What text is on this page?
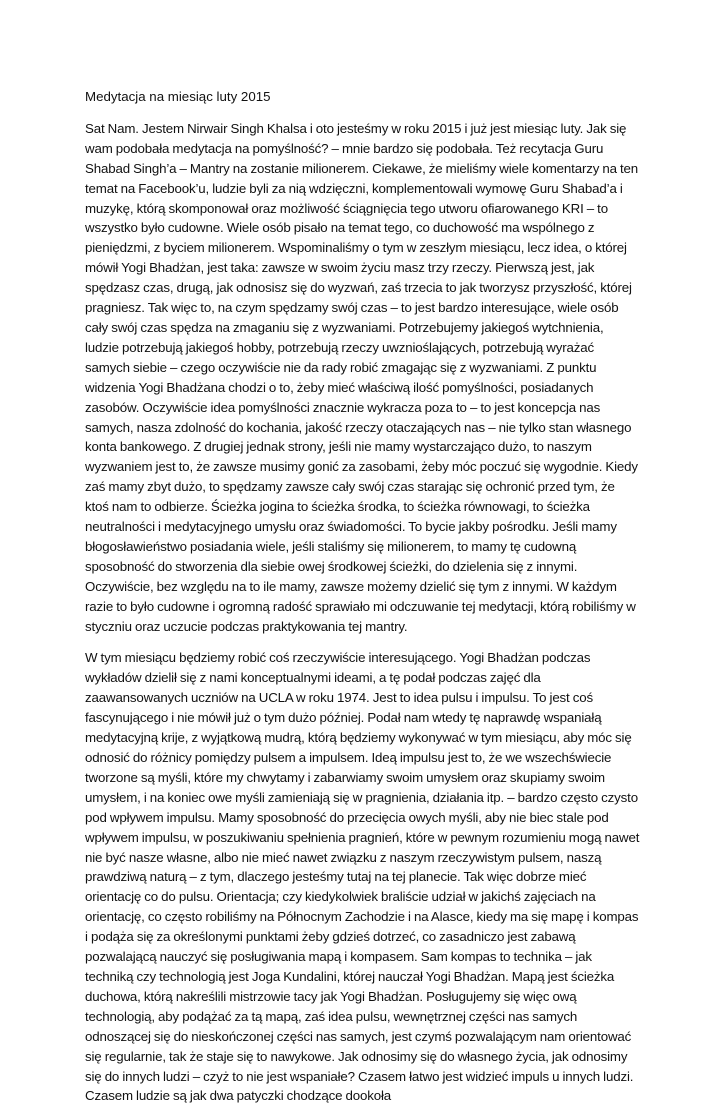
Medytacja na miesiąc luty 2015

Sat Nam. Jestem Nirwair Singh Khalsa i oto jesteśmy w roku 2015 i już jest miesiąc luty. Jak się wam podobała medytacja na pomyślność? – mnie bardzo się podobała. Też recytacja Guru Shabad Singh’a – Mantry na zostanie milionerem. Ciekawe, że mieliśmy wiele komentarzy na ten temat na Facebook’u, ludzie byli za nią wdzięczni, komplementowali wymowę Guru Shabad’a i muzykę, którą skomponował oraz możliwość ściągnięcia tego utworu ofiarowanego KRI – to wszystko było cudowne. Wiele osób pisało na temat tego, co duchowość ma wspólnego z pieniędzmi, z byciem milionerem. Wspominaliśmy o tym w zeszłym miesiącu, lecz idea, o której mówił Yogi Bhadżan, jest taka: zawsze w swoim życiu masz trzy rzeczy. Pierwszą jest, jak spędzasz czas, drugą, jak odnosisz się do wyzwań, zaś trzecia to jak tworzysz przyszłość, której pragniesz. Tak więc to, na czym spędzamy swój czas – to jest bardzo interesujące, wiele osób cały swój czas spędza na zmaganiu się z wyzwaniami. Potrzebujemy jakiegoś wytchnienia, ludzie potrzebują jakiegoś hobby, potrzebują rzeczy uwznioślających, potrzebują wyrażać samych siebie – czego oczywiście nie da rady robić zmagając się z wyzwaniami. Z punktu widzenia Yogi Bhadżana chodzi o to, żeby mieć właściwą ilość pomyślności, posiadanych zasobów. Oczywiście idea pomyślności znacznie wykracza poza to – to jest koncepcja nas samych, nasza zdolność do kochania, jakość rzeczy otaczających nas – nie tylko stan własnego konta bankowego. Z drugiej jednak strony, jeśli nie mamy wystarczająco dużo, to naszym wyzwaniem jest to, że zawsze musimy gonić za zasobami, żeby móc poczuć się wygodnie. Kiedy zaś mamy zbyt dużo, to spędzamy zawsze cały swój czas starając się ochronić przed tym, że ktoś nam to odbierze. Ścieżka jogina to ścieżka środka, to ścieżka równowagi, to ścieżka neutralności i medytacyjnego umysłu oraz świadomości. To bycie jakby pośrodku. Jeśli mamy błogosławieństwo posiadania wiele, jeśli staliśmy się milionerem, to mamy tę cudowną sposobność do stworzenia dla siebie owej środkowej ścieżki, do dzielenia się z innymi. Oczywiście, bez względu na to ile mamy, zawsze możemy dzielić się tym z innymi. W każdym razie to było cudowne i ogromną radość sprawiało mi odczuwanie tej medytacji, którą robiliśmy w styczniu oraz uczucie podczas praktykowania tej mantry.

W tym miesiącu będziemy robić coś rzeczywiście interesującego. Yogi Bhadżan podczas wykładów dzielił się z nami konceptualnymi ideami, a tę podał podczas zajęć dla zaawansowanych uczniów na UCLA w roku 1974. Jest to idea pulsu i impulsu. To jest coś fascynującego i nie mówił już o tym dużo później. Podał nam wtedy tę naprawdę wspaniałą medytacyjną krije, z wyjątkową mudrą, którą będziemy wykonywać w tym miesiącu, aby móc się odnosić do różnicy pomiędzy pulsem a impulsem. Ideą impulsu jest to, że we wszechświecie tworzone są myśli, które my chwytamy i zabarwiamy swoim umysłem oraz skupiamy swoim umysłem, i na koniec owe myśli zamieniają się w pragnienia, działania itp. – bardzo często czysto pod wpływem impulsu. Mamy sposobność do przecięcia owych myśli, aby nie biec stale pod wpływem impulsu, w poszukiwaniu spełnienia pragnień, które w pewnym rozumieniu mogą nawet nie być nasze własne, albo nie mieć nawet związku z naszym rzeczywistym pulsem, naszą prawdziwą naturą – z tym, dlaczego jesteśmy tutaj na tej planecie. Tak więc dobrze mieć orientację co do pulsu. Orientacja; czy kiedykolwiek braliście udział w jakichś zajęciach na orientację, co często robiliśmy na Północnym Zachodzie i na Alasce, kiedy ma się mapę i kompas i podąża się za określonymi punktami żeby gdzieś dotrzeć, co zasadniczo jest zabawą pozwalającą nauczyć się posługiwania mapą i kompasem. Sam kompas to technika – jak techniką czy technologią jest Joga Kundalini, której nauczał Yogi Bhadżan. Mapą jest ścieżka duchowa, którą nakreślili mistrzowie tacy jak Yogi Bhadżan. Posługujemy się więc ową technologią, aby podążać za tą mapą, zaś idea pulsu, wewnętrznej części nas samych odnoszącej się do nieskończonej części nas samych, jest czymś pozwalającym nam orientować się regularnie, tak że staje się to nawykowe. Jak odnosimy się do własnego życia, jak odnosimy się do innych ludzi – czyż to nie jest wspaniałe? Czasem łatwo jest widzieć impuls u innych ludzi. Czasem ludzie są jak dwa patyczki chodzące dookoła
